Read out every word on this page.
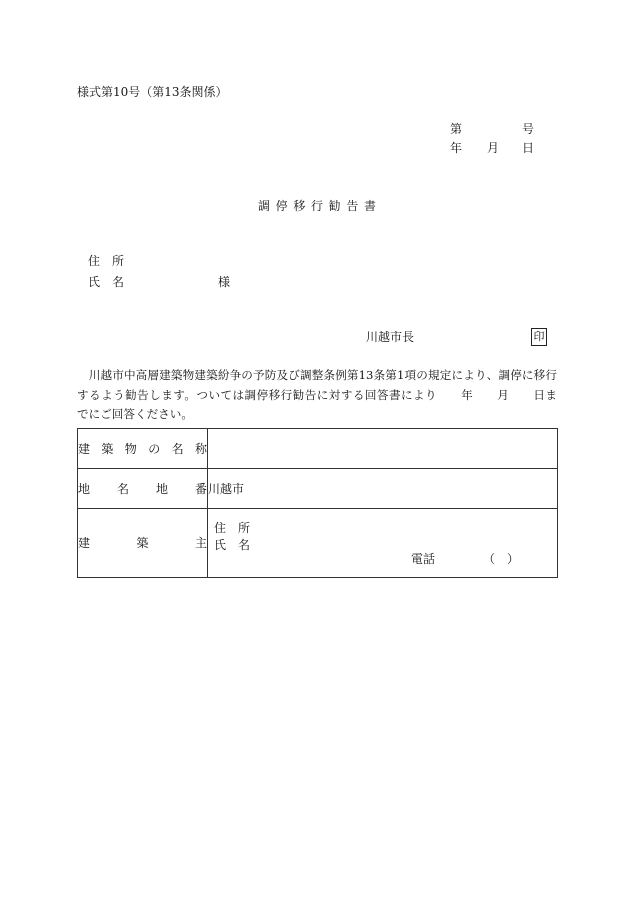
様式第10号（第13条関係）
第	号
年 月 日
調 停 移 行 勧 告 書
住　所
氏　名	様
川越市長	印
　川越市中高層建築物建築紛争の予防及び調整条例第13条第1項の規定により、調停に移行
するよう勧告します。ついては調停移行勧告に対する回答書により　　年　　月　　日ま
でにご回答ください。
建 築 物 の 名 称	

地 名 地 番	川越市

建 築 主	住　所
氏　名
電話 （　）
